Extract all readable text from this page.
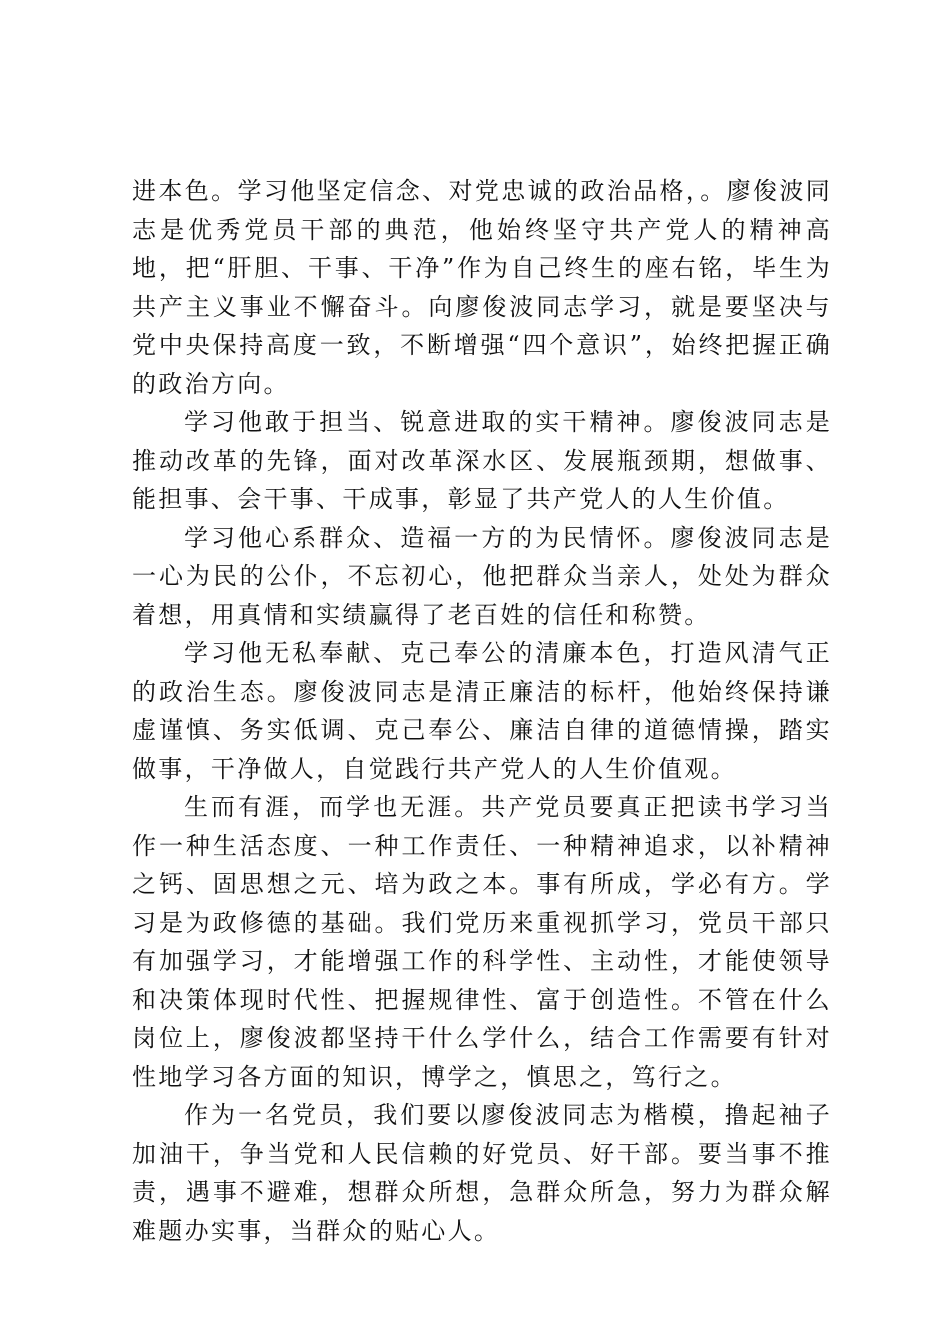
进本色。学习他坚定信念、对党忠诚的政治品格，。廖俊波同志是优秀党员干部的典范，他始终坚守共产党人的精神高地，把“肝胆、干事、干净”作为自己终生的座右铭，毕生为共产主义事业不懈奋斗。向廖俊波同志学习，就是要坚决与党中央保持高度一致，不断增强“四个意识”，始终把握正确的政治方向。

学习他敢于担当、锐意进取的实干精神。廖俊波同志是推动改革的先锋，面对改革深水区、发展瓶颈期，想做事、能担事、会干事、干成事，彰显了共产党人的人生价值。

学习他心系群众、造福一方的为民情怀。廖俊波同志是一心为民的公仆，不忘初心，他把群众当亲人，处处为群众着想，用真情和实绩赢得了老百姓的信任和称赞。

学习他无私奉献、克己奉公的清廉本色，打造风清气正的政治生态。廖俊波同志是清正廉洁的标杆，他始终保持谦虚谨慎、务实低调、克己奉公、廉洁自律的道德情操，踏实做事，干净做人，自觉践行共产党人的人生价值观。

生而有涯，而学也无涯。共产党员要真正把读书学习当作一种生活态度、一种工作责任、一种精神追求，以补精神之钙、固思想之元、培为政之本。事有所成，学必有方。学习是为政修德的基础。我们党历来重视抓学习，党员干部只有加强学习，才能增强工作的科学性、主动性，才能使领导和决策体现时代性、把握规律性、富于创造性。不管在什么岗位上，廖俊波都坚持干什么学什么，结合工作需要有针对性地学习各方面的知识，博学之，慎思之，笃行之。

作为一名党员，我们要以廖俊波同志为楷模，撸起袖子加油干，争当党和人民信赖的好党员、好干部。要当事不推责，遇事不避难，想群众所想，急群众所急，努力为群众解难题办实事，当群众的贴心人。
